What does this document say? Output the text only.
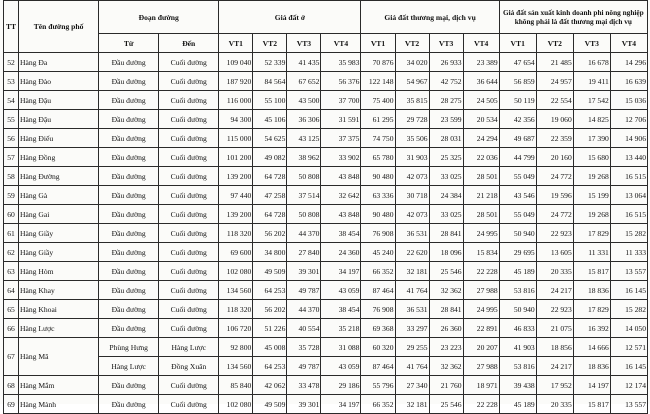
TT	Tên đường phố	Đoạn đường		Giá đất ở				Giá đất thương mại, dịch vụ				Giá đất sản xuất kinh doanh phi nông nghiệp không phải là đất thương mại dịch vụ			
		Từ	Đến	VT1	VT2	VT3	VT4	VT1	VT2	VT3	VT4	VT1	VT2	VT3	VT4
52	Hàng Đa	Đầu đường	Cuối đường	109 040	52 339	41 435	35 983	70 876	34 020	26 933	23 389	47 654	21 485	16 678	14 296
53	Hàng Đào	Đầu đường	Cuối đường	187 920	84 564	67 652	56 376	122 148	54 967	42 752	36 644	56 859	24 957	19 411	16 639
54	Hàng Đậu	Đầu đường	Cuối đường	116 000	55 100	43 500	37 700	75 400	35 815	28 275	24 505	50 119	22 554	17 542	15 036
55	Hàng Đậu	Đầu đường	Cuối đường	94 300	45 106	36 306	31 591	61 295	29 728	23 599	20 534	42 356	19 060	14 825	12 706
56	Hàng Điếu	Đầu đường	Cuối đường	115 000	54 625	43 125	37 375	74 750	35 506	28 031	24 294	49 687	22 359	17 390	14 906
57	Hàng Đồng	Đầu đường	Cuối đường	101 200	49 082	38 962	33 902	65 780	31 903	25 325	22 036	44 799	20 160	15 680	13 440
58	Hàng Đường	Đầu đường	Cuối đường	139 200	64 728	50 808	43 848	90 480	42 073	33 025	28 501	55 049	24 772	19 268	16 515
59	Hàng Gà	Đầu đường	Cuối đường	97 440	47 258	37 514	32 642	63 336	30 718	24 384	21 218	43 546	19 596	15 199	13 064
60	Hàng Gai	Đầu đường	Cuối đường	139 200	64 728	50 808	43 848	90 480	42 073	33 025	28 501	55 049	24 772	19 268	16 515
61	Hàng Giầy	Đầu đường	Cuối đường	118 320	56 202	44 370	38 454	76 908	36 531	28 841	24 995	50 940	22 923	17 829	15 282
62	Hàng Giầy	Đầu đường	Cuối đường	69 600	34 800	27 840	24 360	45 240	22 620	18 096	15 834	29 695	13 605	11 331	11 333
63	Hàng Hòm	Đầu đường	Cuối đường	102 080	49 509	39 301	34 197	66 352	32 181	25 546	22 228	45 189	20 335	15 817	13 557
64	Hàng Khay	Đầu đường	Cuối đường	134 560	64 253	49 787	43 059	87 464	41 764	32 362	27 988	53 816	24 217	18 836	16 145
65	Hàng Khoai	Đầu đường	Cuối đường	118 320	56 202	44 370	38 454	76 908	36 531	28 841	24 995	50 940	22 923	17 829	15 282
66	Hàng Lược	Đầu đường	Cuối đường	106 720	51 226	40 554	35 218	69 368	33 297	26 360	22 891	46 833	21 075	16 392	14 050
67	Hàng Mã	Phùng Hưng	Hàng Lược	92 800	45 008	35 728	31 088	60 320	29 255	23 223	20 207	41 903	18 856	14 666	12 571
		Hàng Lược	Đồng Xuân	134 560	64 253	49 787	43 059	87 464	41 764	32 362	27 988	53 816	24 217	18 836	16 145
68	Hàng Mắm	Đầu đường	Cuối đường	85 840	42 062	33 478	29 186	55 796	27 340	21 760	18 971	39 438	17 952	14 197	12 174
69	Hàng Mành	Đầu đường	Cuối đường	102 080	49 509	39 301	34 197	66 352	32 181	25 546	22 228	45 189	20 335	15 817	13 557
